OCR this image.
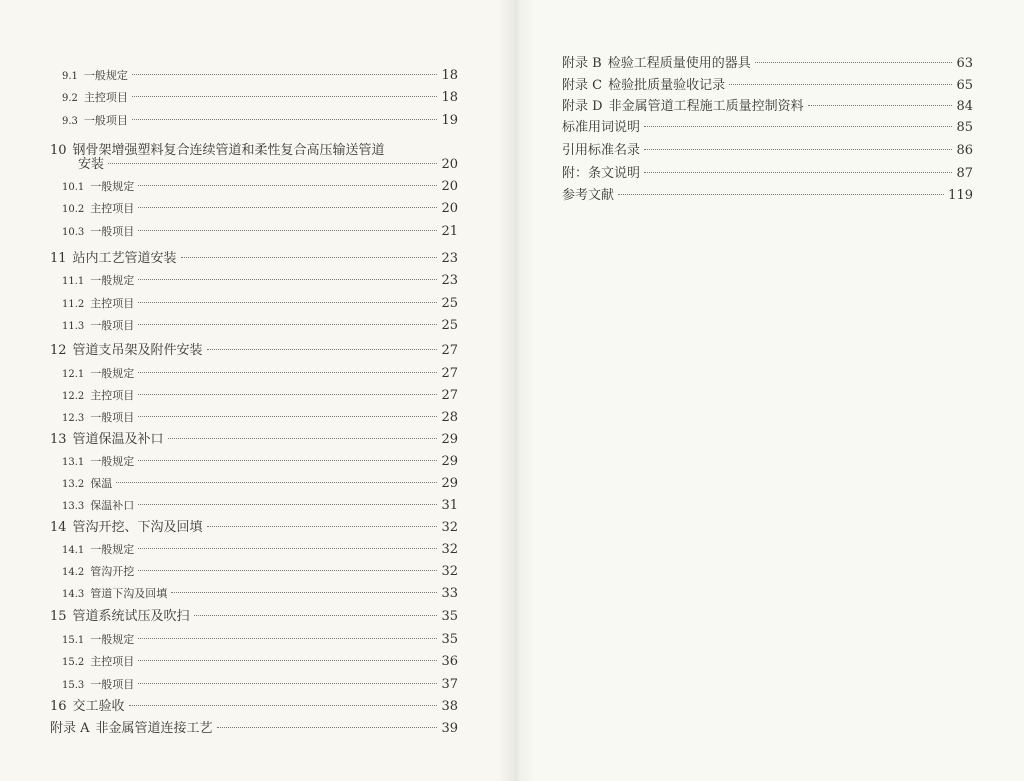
9.1 一般规定	18
9.2 主控项目	18
9.3 一般项目	19
10 钢骨架增强塑料复合连续管道和柔性复合高压输送管道
安装	20
10.1 一般规定	20
10.2 主控项目	20
10.3 一般项目	21
11 站内工艺管道安装	23
11.1 一般规定	23
11.2 主控项目	25
11.3 一般项目	25
12 管道支吊架及附件安装	27
12.1 一般规定	27
12.2 主控项目	27
12.3 一般项目	28
13 管道保温及补口	29
13.1 一般规定	29
13.2 保温	29
13.3 保温补口	31
14 管沟开挖、下沟及回填	32
14.1 一般规定	32
14.2 管沟开挖	32
14.3 管道下沟及回填	33
15 管道系统试压及吹扫	35
15.1 一般规定	35
15.2 主控项目	36
15.3 一般项目	37
16 交工验收	38
附录 A 非金属管道连接工艺	39
附录 B 检验工程质量使用的器具	63
附录 C 检验批质量验收记录	65
附录 D 非金属管道工程施工质量控制资料	84
标准用词说明	85
引用标准名录	86
附：条文说明	87
参考文献	119
